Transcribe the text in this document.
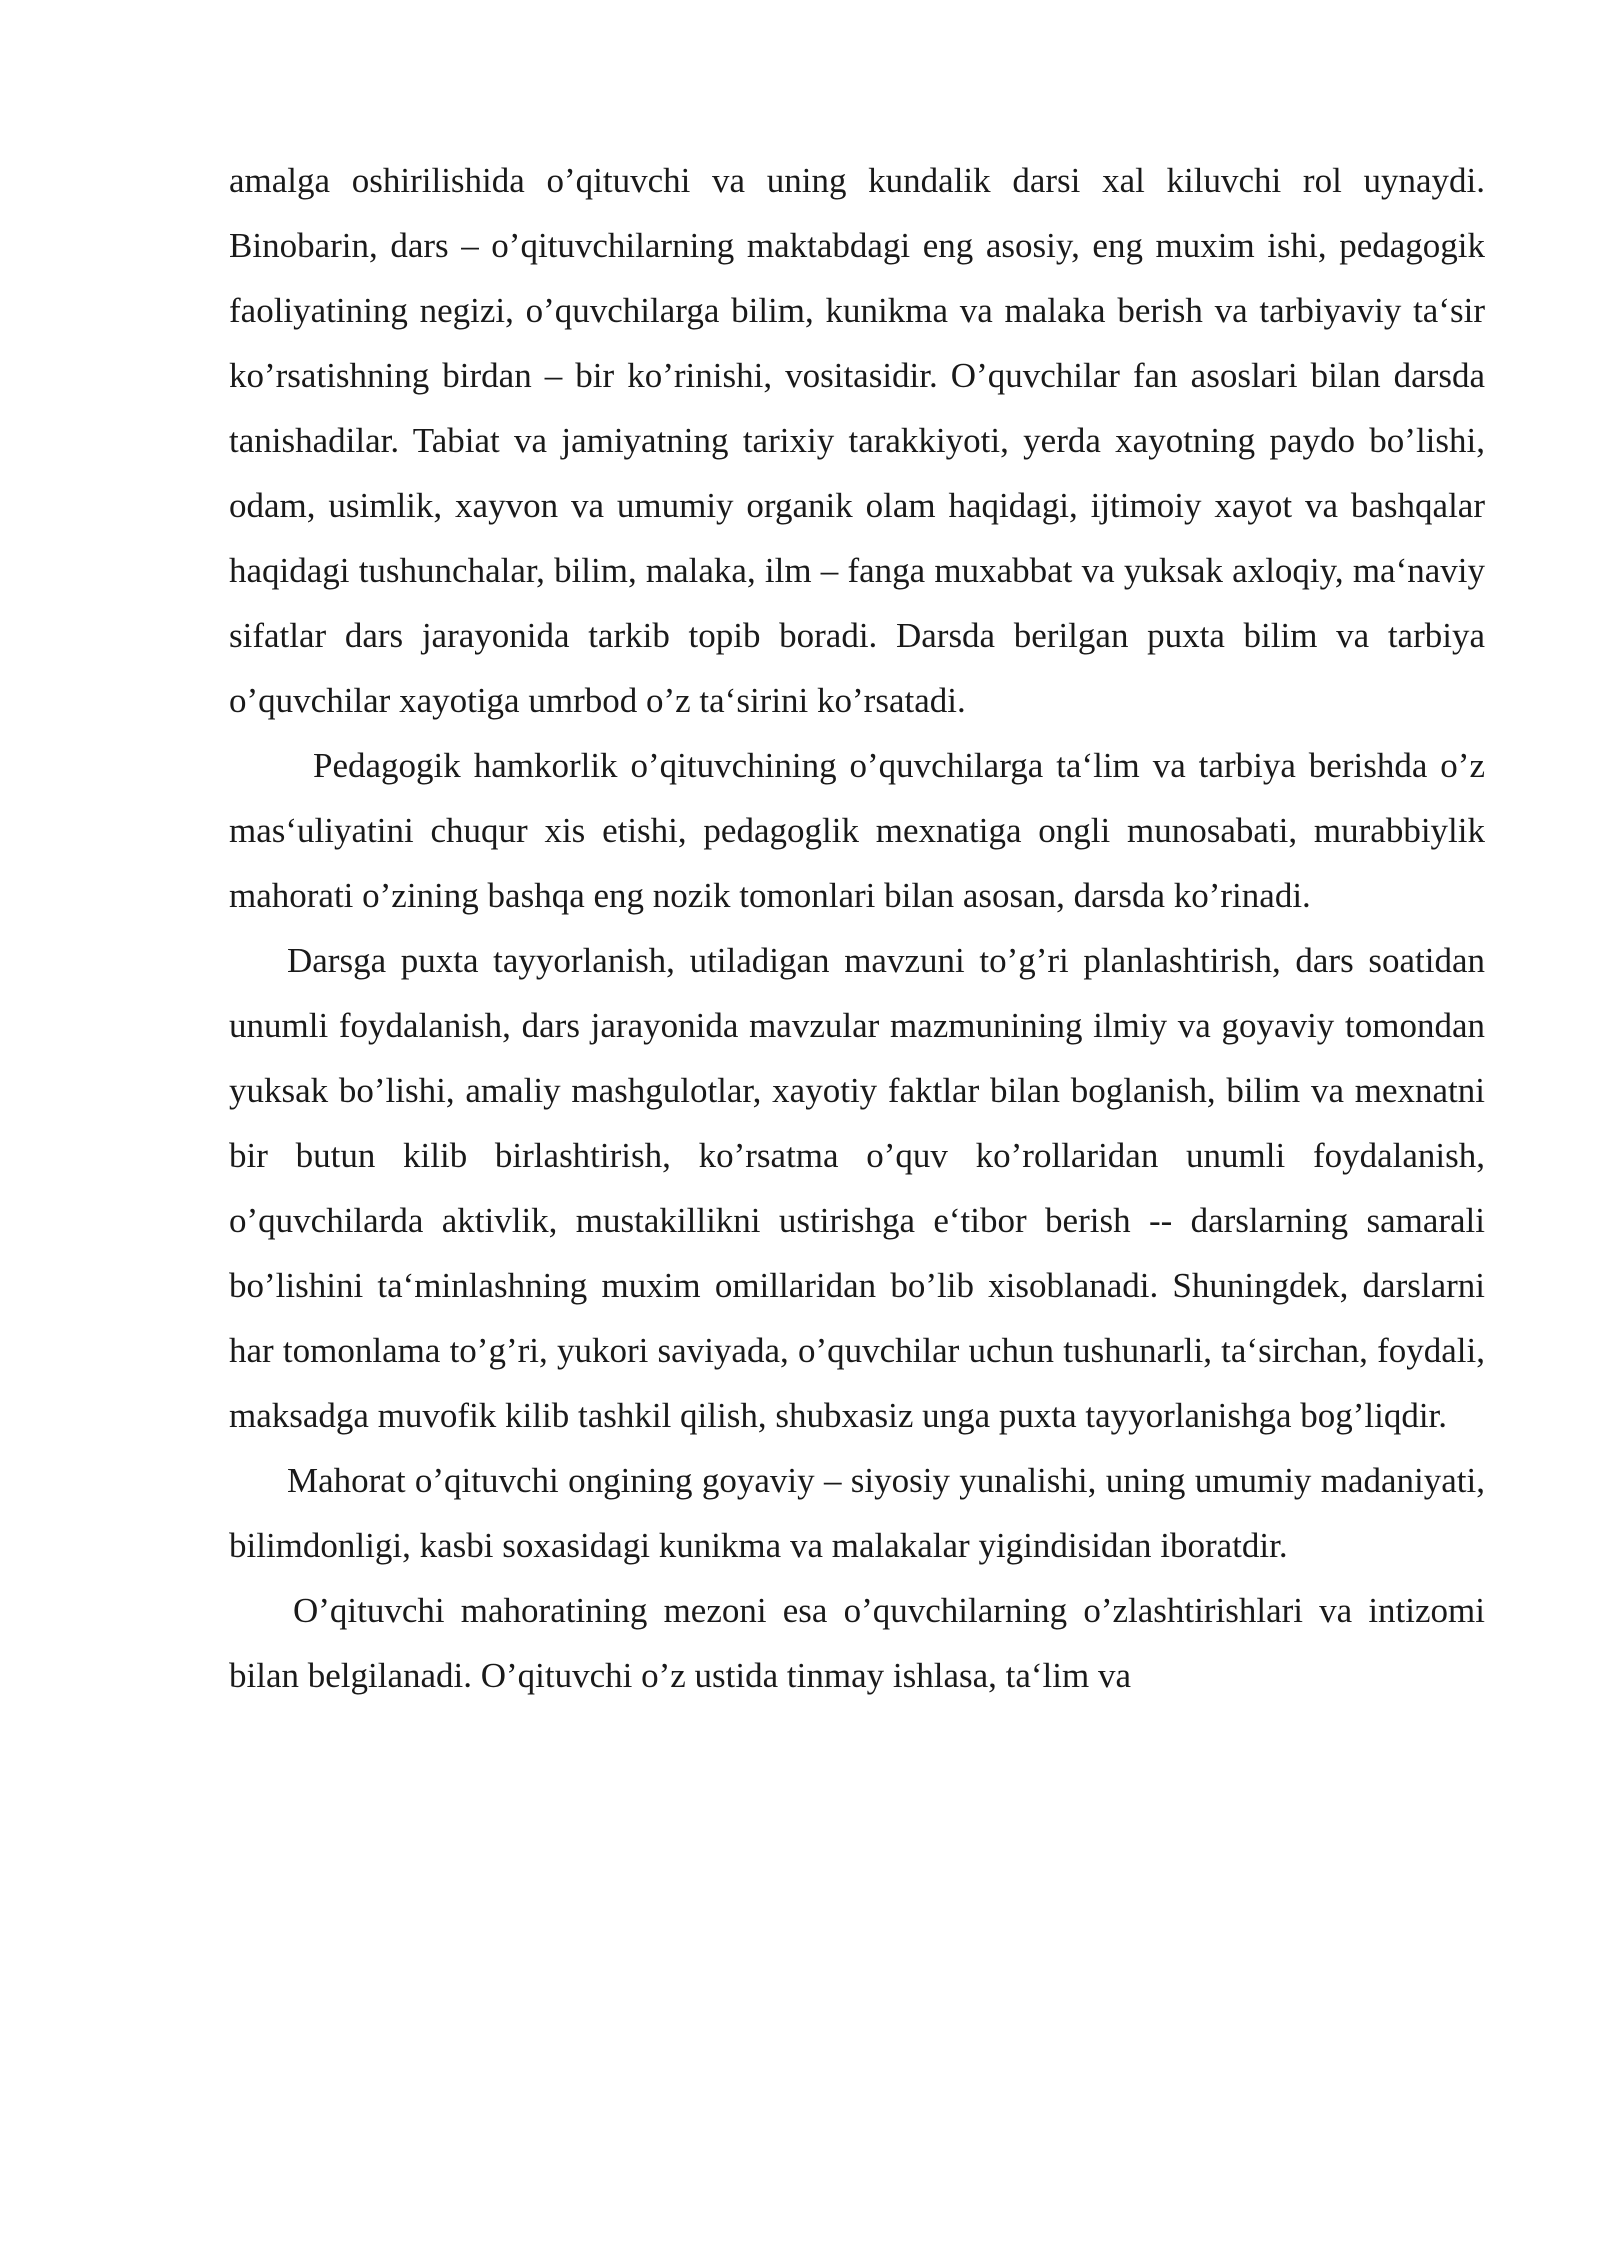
amalga oshirilishida o’qituvchi va uning kundalik darsi xal kiluvchi rol uynaydi. Binobarin, dars – o’qituvchilarning maktabdagi eng asosiy, eng muxim ishi, pedagogik faoliyatining negizi, o’quvchilarga bilim, kunikma va malaka berish va tarbiyaviy ta‘sir ko’rsatishning birdan – bir ko’rinishi, vositasidir. O’quvchilar fan asoslari bilan darsda tanishadilar. Tabiat va jamiyatning tarixiy tarakkiyoti, yerda xayotning paydo bo’lishi, odam, usimlik, xayvon va umumiy organik olam haqidagi, ijtimoiy xayot va bashqalar haqidagi tushunchalar, bilim, malaka, ilm – fanga muxabbat va yuksak axloqiy, ma‘naviy sifatlar dars jarayonida tarkib topib boradi. Darsda berilgan puxta bilim va tarbiya o’quvchilar xayotiga umrbod o’z ta‘sirini ko’rsatadi.

Pedagogik hamkorlik o’qituvchining o’quvchilarga ta‘lim va tarbiya berishda o’z mas‘uliyatini chuqur xis etishi, pedagoglik mexnatiga ongli munosabati, murabbiylik mahorati o’zining bashqa eng nozik tomonlari bilan asosan, darsda ko’rinadi.

Darsga puxta tayyorlanish, utiladigan mavzuni to’g’ri planlashtirish, dars soatidan unumli foydalanish, dars jarayonida mavzular mazmunining ilmiy va goyaviy tomondan yuksak bo’lishi, amaliy mashgulotlar, xayotiy faktlar bilan boglanish, bilim va mexnatni bir butun kilib birlashtirish, ko’rsatma o’quv ko’rollaridan unumli foydalanish, o’quvchilarda aktivlik, mustakillikni ustirishga e‘tibor berish -- darslarning samarali bo’lishini ta‘minlashning muxim omillaridan bo’lib xisoblanadi. Shuningdek, darslarni har tomonlama to’g’ri, yukori saviyada, o’quvchilar uchun tushunarli, ta‘sirchan, foydali, maksadga muvofik kilib tashkil qilish, shubxasiz unga puxta tayyorlanishga bog’liqdir.

Mahorat o’qituvchi ongining goyaviy – siyosiy yunalishi, uning umumiy madaniyati, bilimdonligi, kasbi soxasidagi kunikma va malakalar yigindisidan iboratdir.

O’qituvchi mahoratining mezoni esa o’quvchilarning o’zlashtirishlari va intizomi bilan belgilanadi. O’qituvchi o’z ustida tinmay ishlasa, ta‘lim va
